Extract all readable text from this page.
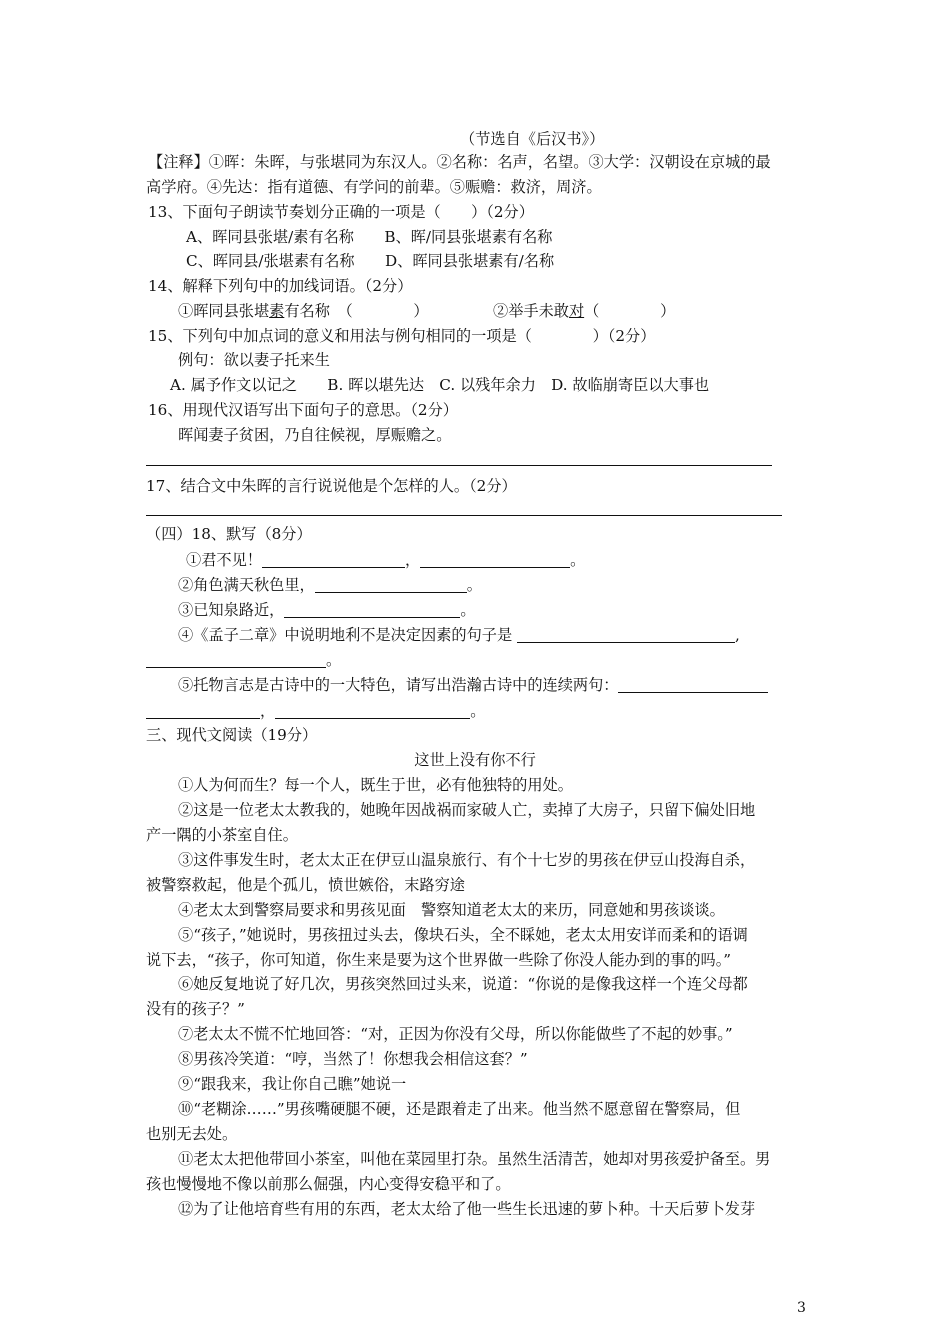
（节选自《后汉书》）
【注释】①晖：朱晖，与张堪同为东汉人。②名称：名声，名望。③大学：汉朝设在京城的最
高学府。④先达：指有道德、有学问的前辈。⑤赈赡：救济，周济。
13、下面句子朗读节奏划分正确的一项是（　　）（2分）
A、晖同县张堪/素有名称　　B、晖/同县张堪素有名称
C、晖同县/张堪素有名称　　D、晖同县张堪素有/名称
14、解释下列句中的加线词语。（2分）
①晖同县张堪素有名称　（　　　　）	②举手未敢对（　　　　）
15、下列句中加点词的意义和用法与例句相同的一项是（　　　　）（2分）
例句：欲以妻子托来生
A. 属予作文以记之　　B. 晖以堪先达　C. 以残年余力　D. 故临崩寄臣以大事也
16、用现代汉语写出下面句子的意思。（2分）
晖闻妻子贫困，乃自往候视，厚赈赡之。
17、结合文中朱晖的言行说说他是个怎样的人。（2分）
（四）18、默写（8分）
①君不见！	，	。
②角色满天秋色里，	。
③已知泉路近，	。
④《孟子二章》中说明地利不是决定因素的句子是	,
。
⑤托物言志是古诗中的一大特色，请写出浩瀚古诗中的连续两句：
，	。
三、现代文阅读（19分）
这世上没有你不行
①人为何而生？每一个人，既生于世，必有他独特的用处。
②这是一位老太太教我的，她晚年因战祸而家破人亡，卖掉了大房子，只留下偏处旧地
产一隅的小茶室自住。
③这件事发生时，老太太正在伊豆山温泉旅行、有个十七岁的男孩在伊豆山投海自杀，
被警察救起，他是个孤儿，愤世嫉俗，末路穷途
④老太太到警察局要求和男孩见面　警察知道老太太的来历，同意她和男孩谈谈。
⑤“孩子，”她说时，男孩扭过头去，像块石头，全不睬她，老太太用安详而柔和的语调
说下去，“孩子，你可知道，你生来是要为这个世界做一些除了你没人能办到的事的吗。”
⑥她反复地说了好几次，男孩突然回过头来，说道：“你说的是像我这样一个连父母都
没有的孩子？”
⑦老太太不慌不忙地回答：“对，正因为你没有父母，所以你能做些了不起的妙事。”
⑧男孩冷笑道：“哼，当然了！你想我会相信这套？”
⑨“跟我来，我让你自己瞧”她说一
⑩“老糊涂……”男孩嘴硬腿不硬，还是跟着走了出来。他当然不愿意留在警察局，但
也别无去处。
⑪老太太把他带回小茶室，叫他在菜园里打杂。虽然生活清苦，她却对男孩爱护备至。男
孩也慢慢地不像以前那么倔强，内心变得安稳平和了。
⑫为了让他培育些有用的东西，老太太给了他一些生长迅速的萝卜种。十天后萝卜发芽
3
